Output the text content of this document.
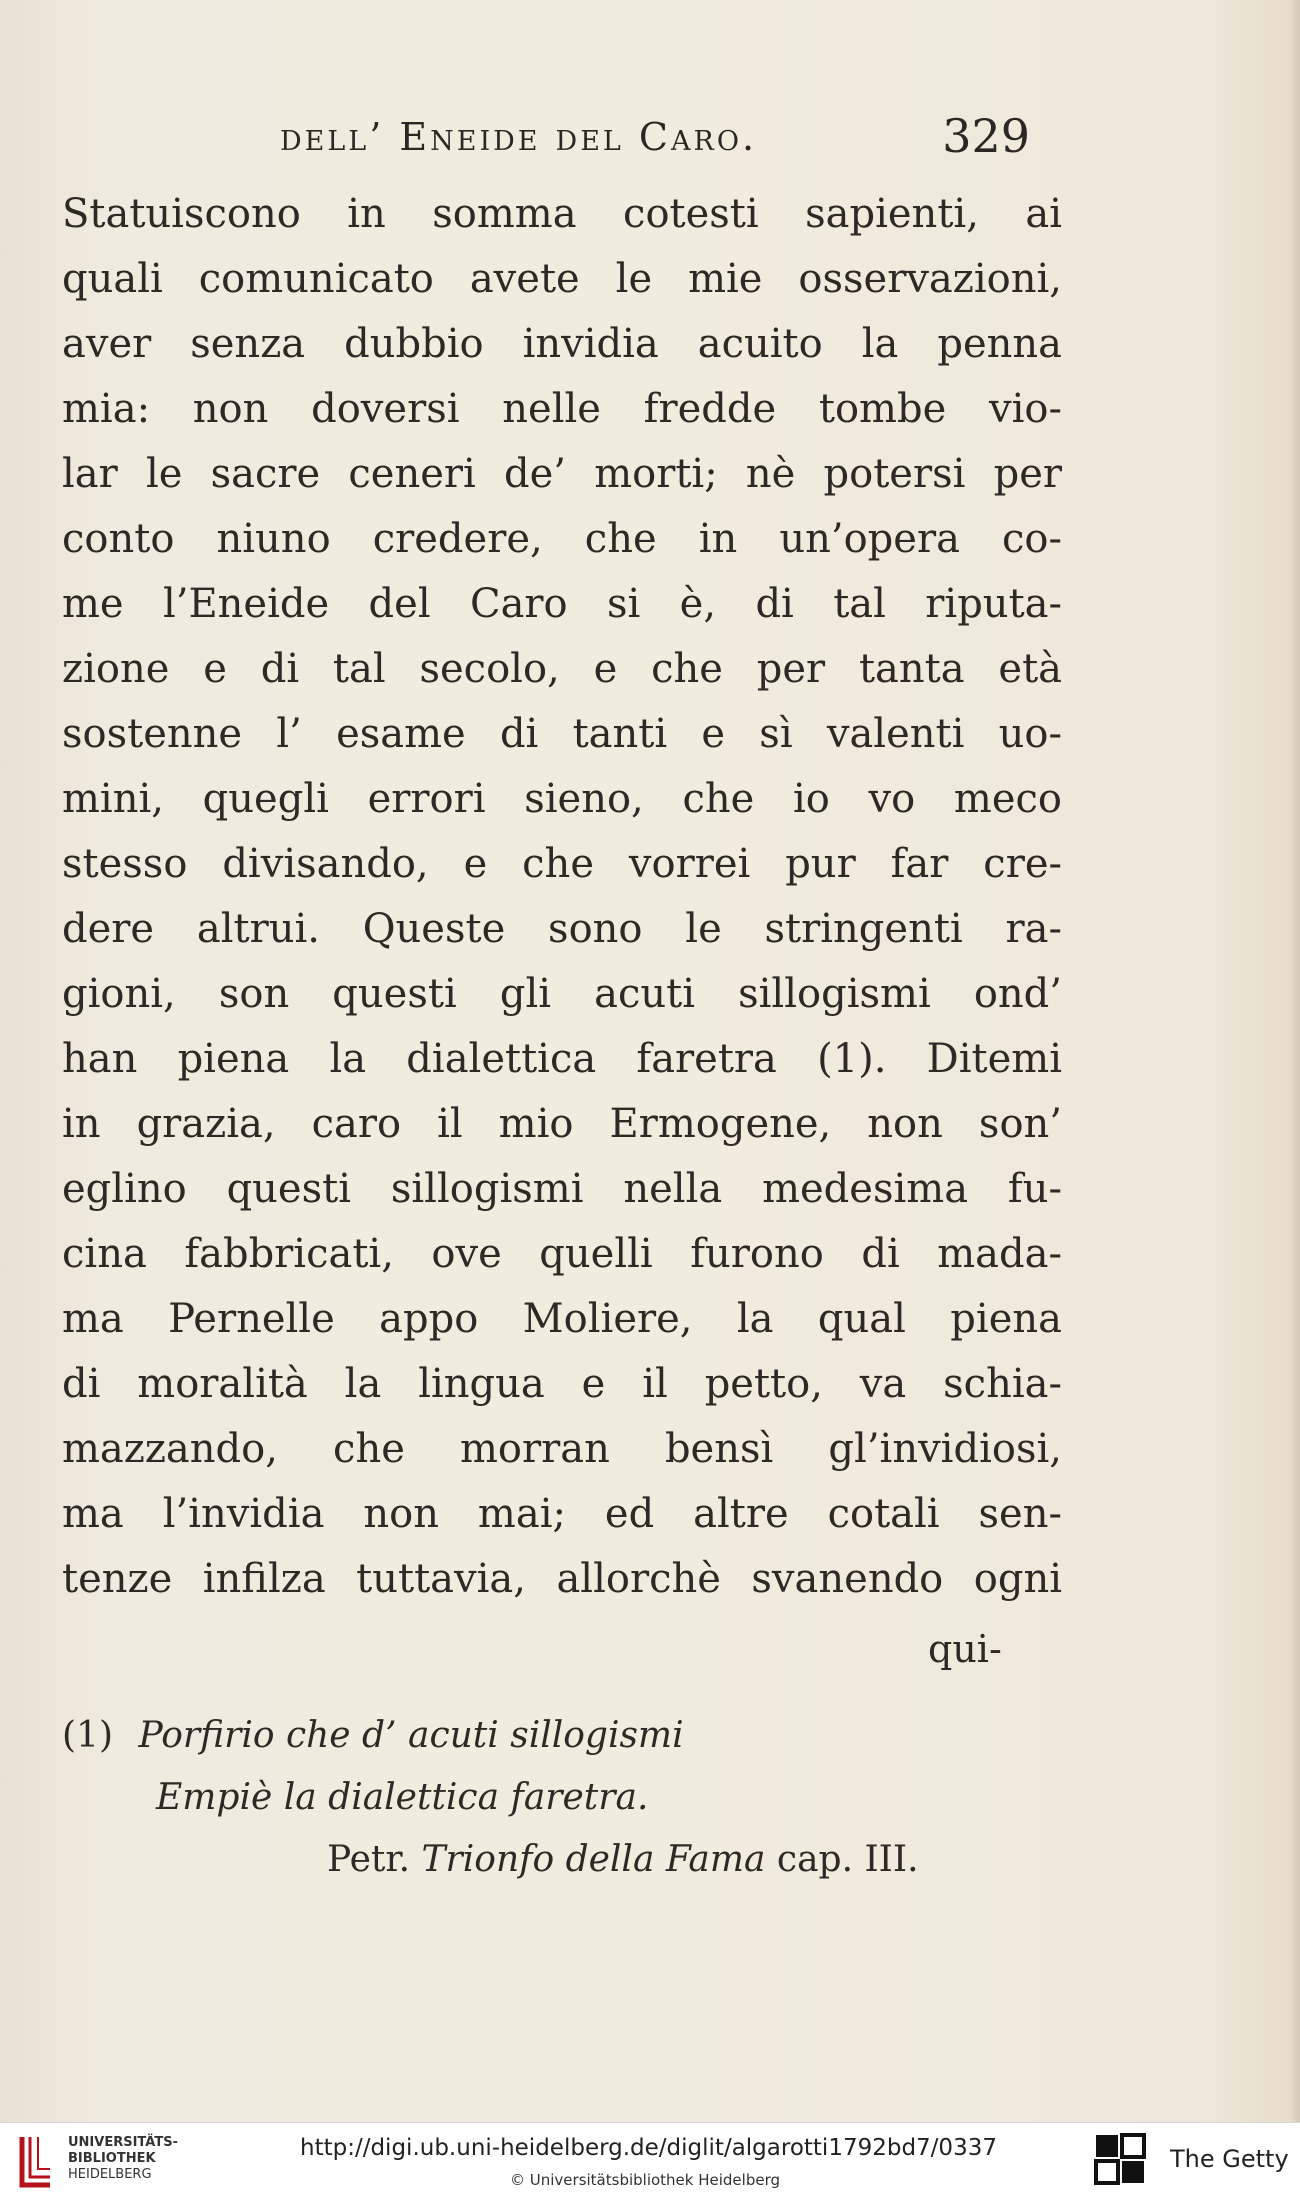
dell’ Eneide del Caro.	329
Statuiscono in somma cotesti sapienti, ai
quali comunicato avete le mie osservazioni,
aver senza dubbio invidia acuito la penna
mia: non doversi nelle fredde tombe vio-
lar le sacre ceneri de’ morti; nè potersi per
conto niuno credere, che in un’opera co-
me l’Eneide del Caro si è, di tal riputa-
zione e di tal secolo, e che per tanta età
sostenne l’ esame di tanti e sì valenti uo-
mini, quegli errori sieno, che io vo meco
stesso divisando, e che vorrei pur far cre-
dere altrui. Queste sono le stringenti ra-
gioni, son questi gli acuti sillogismi ond’
han piena la dialettica faretra (1). Ditemi
in grazia, caro il mio Ermogene, non son’
eglino questi sillogismi nella medesima fu-
cina fabbricati, ove quelli furono di mada-
ma Pernelle appo Moliere, la qual piena
di moralità la lingua e il petto, va schia-
mazzando, che morran bensì gl’invidiosi,
ma l’invidia non mai; ed altre cotali sen-
tenze infilza tuttavia, allorchè svanendo ogni
qui-
(1) Porfirio che d’ acuti sillogismi
Empiè la dialettica faretra.
Petr. Trionfo della Fama cap. III.
UNIVERSITÄTS-
BIBLIOTHEK
HEIDELBERG
http://digi.ub.uni-heidelberg.de/diglit/algarotti1792bd7/0337
© Universitätsbibliothek Heidelberg
The Getty
